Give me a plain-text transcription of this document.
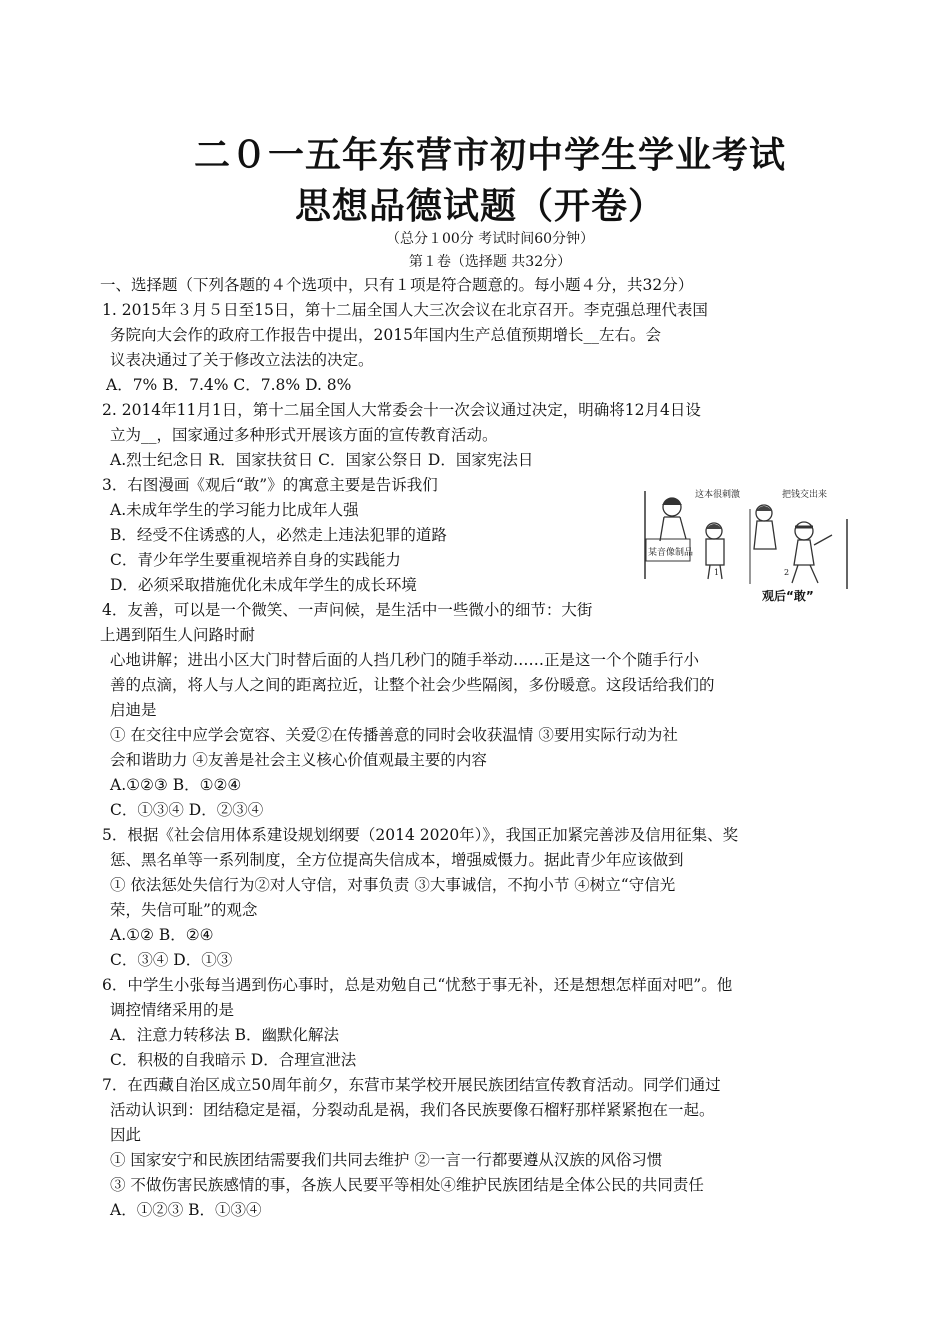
二０一五年东营市初中学生学业考试
思想品德试题（开卷）
（总分１00分 考试时间60分钟）
第１卷（选择题 共32分）
一、选择题（下列各题的４个选项中，只有１项是符合题意的。每小题４分，共32分）
1. 2015年３月５日至15日，第十二届全国人大三次会议在北京召开。李克强总理代表国
务院向大会作的政府工作报告中提出，2015年国内生产总值预期增长__左右。会
议表决通过了关于修改立法法的决定。
A．7% B．7.4% C．7.8% D. 8%
2. 2014年11月1日，第十二届全国人大常委会十一次会议通过决定，明确将12月4日设
立为__，国家通过多种形式开展该方面的宣传教育活动。
A.烈士纪念日 R．国家扶贫日 C．国家公祭日 D．国家宪法日
3．右图漫画《观后“敢”》的寓意主要是告诉我们
A.未成年学生的学习能力比成年人强
B．经受不住诱惑的人，必然走上违法犯罪的道路
C．青少年学生要重视培养自身的实践能力
D．必须采取措施优化未成年学生的成长环境
4．友善，可以是一个微笑、一声问候，是生活中一些微小的细节：大街
上遇到陌生人问路时耐
心地讲解；进出小区大门时替后面的人挡几秒门的随手举动……正是这一个个随手行小
善的点滴，将人与人之间的距离拉近，让整个社会少些隔阂，多份暖意。这段话给我们的
启迪是
① 在交往中应学会宽容、关爱②在传播善意的同时会收获温情 ③要用实际行动为社
会和谐助力 ④友善是社会主义核心价值观最主要的内容
A.①②③ B．①②④
C．①③④ D．②③④
5．根据《社会信用体系建设规划纲要（2014 2020年）》，我国正加紧完善涉及信用征集、奖
惩、黑名单等一系列制度，全方位提高失信成本，增强威慑力。据此青少年应该做到
① 依法惩处失信行为②对人守信，对事负责 ③大事诚信，不拘小节 ④树立“守信光
荣，失信可耻”的观念
A.①② B．②④
C．③④ D．①③
6．中学生小张每当遇到伤心事时，总是劝勉自己“忧愁于事无补，还是想想怎样面对吧”。他
调控情绪采用的是
A．注意力转移法 B．幽默化解法
C．积极的自我暗示 D．合理宣泄法
7．在西藏自治区成立50周年前夕，东营市某学校开展民族团结宣传教育活动。同学们通过
活动认识到：团结稳定是福，分裂动乱是祸，我们各民族要像石榴籽那样紧紧抱在一起。
因此
① 国家安宁和民族团结需要我们共同去维护 ②一言一行都要遵从汉族的风俗习惯
③ 不做伤害民族感情的事，各族人民要平等相处④维护民族团结是全体公民的共同责任
A．①②③ B．①③④
某音像制品
这本很刺激
1
把钱交出来
2
观后“敢”
